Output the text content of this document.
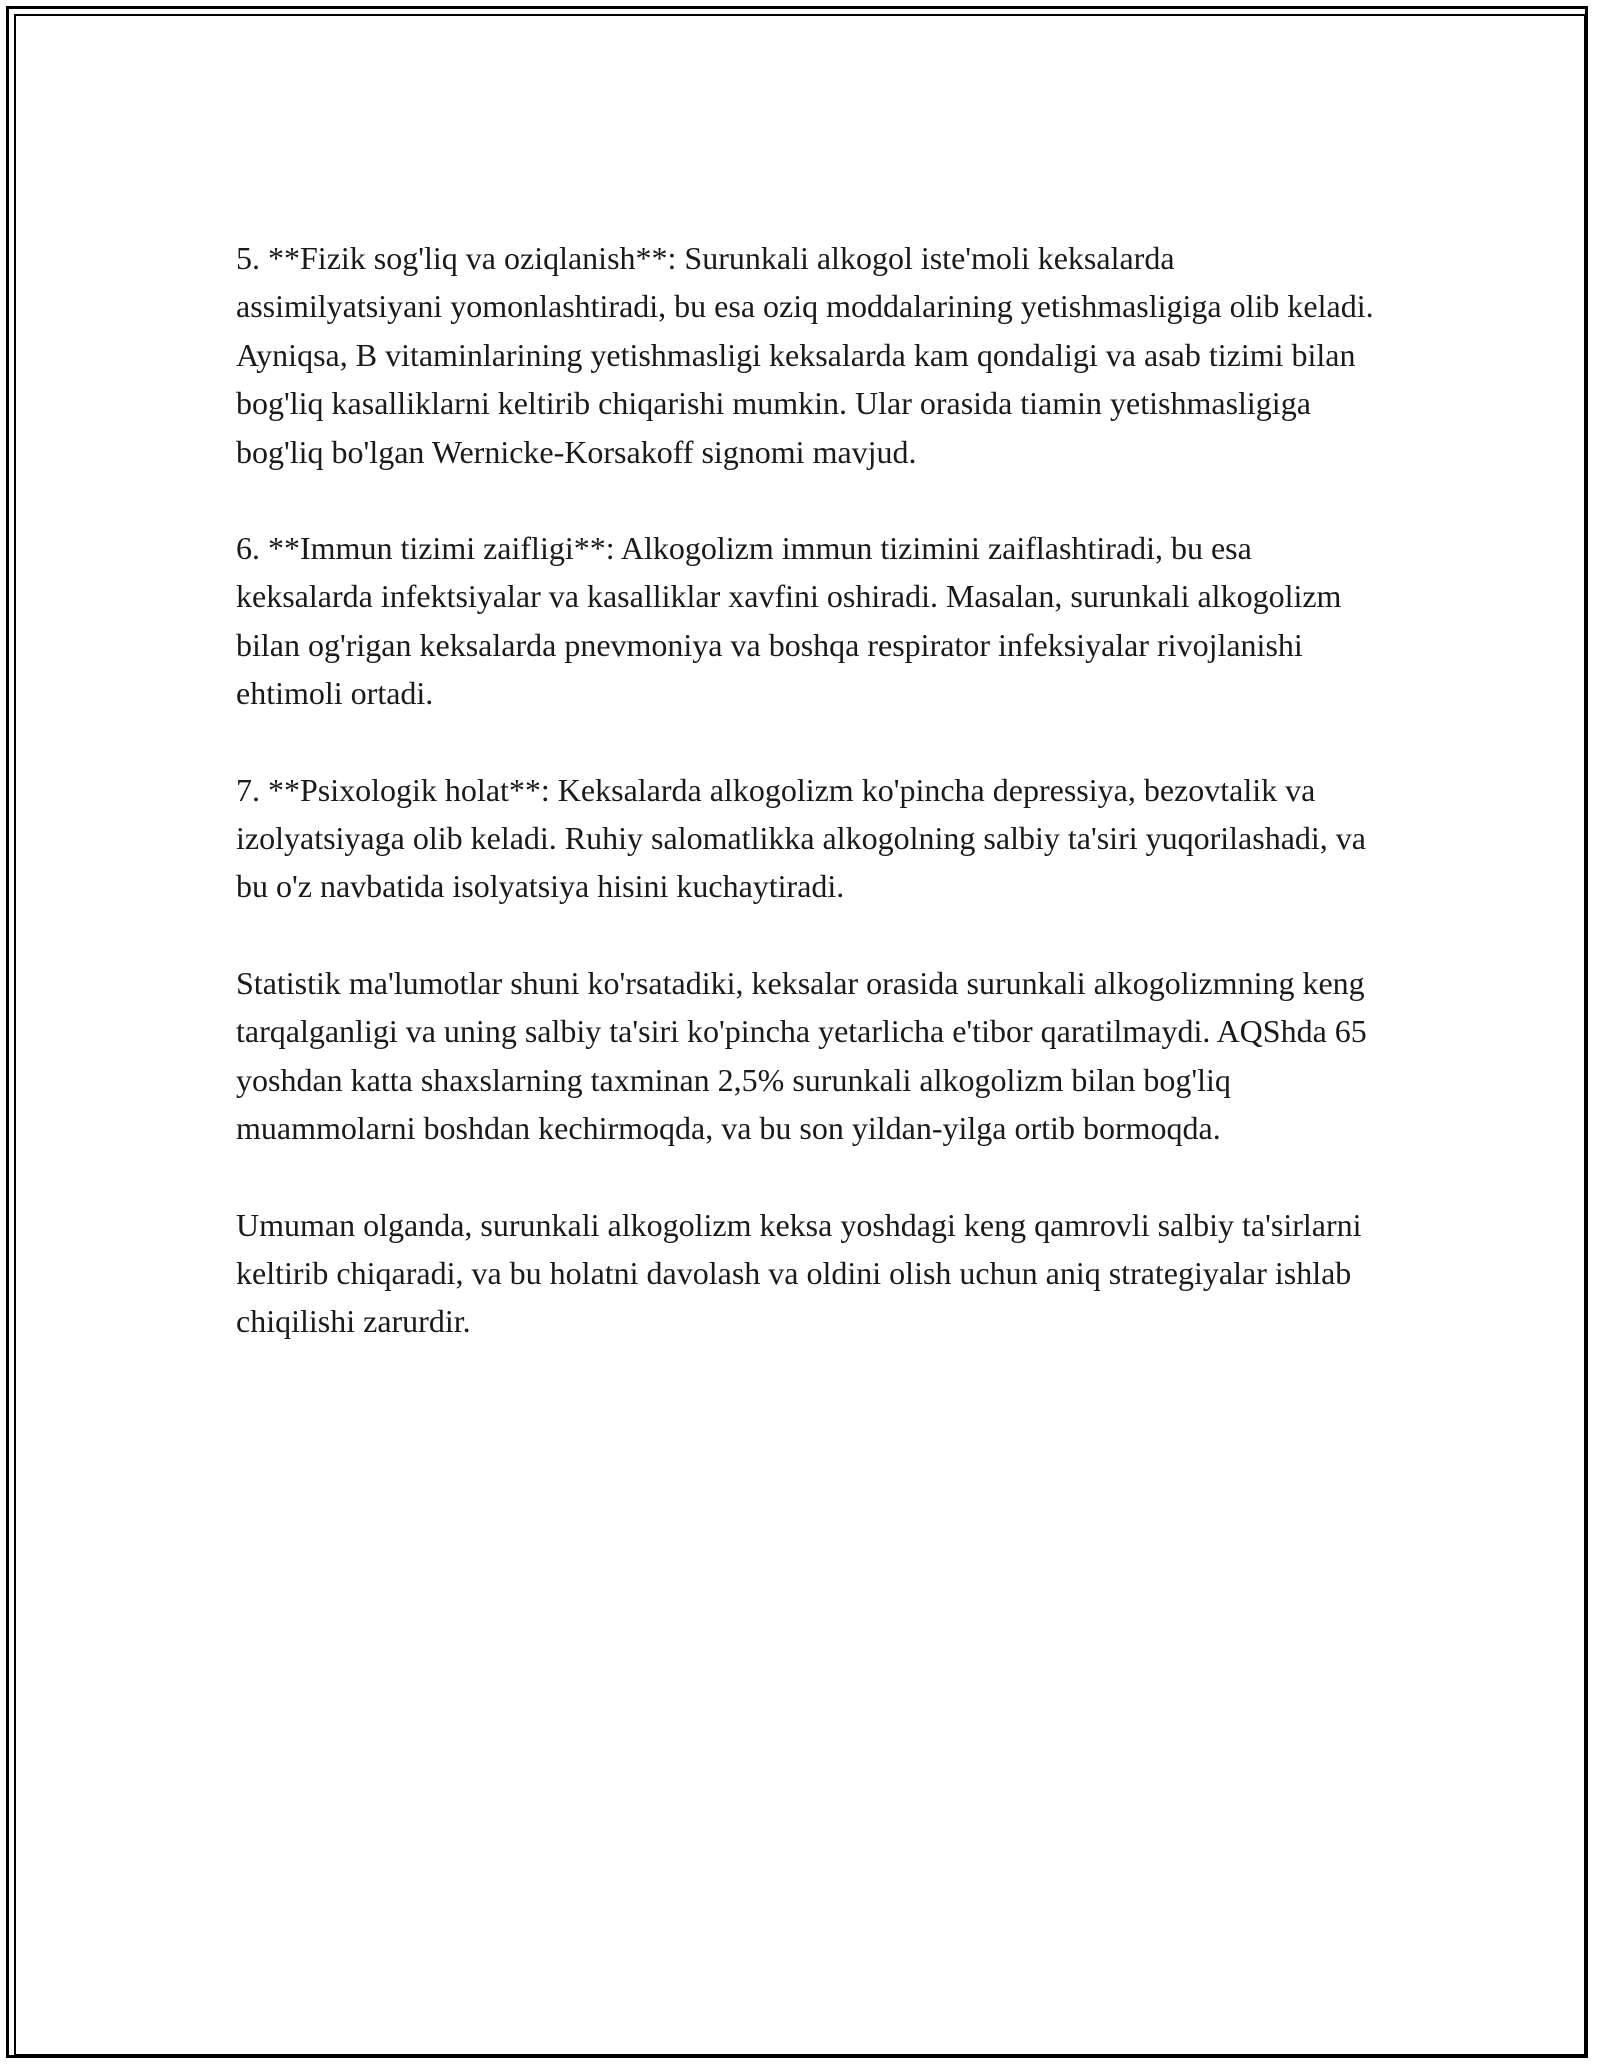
5. **Fizik sog'liq va oziqlanish**: Surunkali alkogol iste'moli keksalarda assimilyatsiyani yomonlashtiradi, bu esa oziq moddalarining yetishmasligiga olib keladi. Ayniqsa, B vitaminlarining yetishmasligi keksalarda kam qondaligi va asab tizimi bilan bog'liq kasalliklarni keltirib chiqarishi mumkin. Ular orasida tiamin yetishmasligiga bog'liq bo'lgan Wernicke-Korsakoff signomi mavjud.

6. **Immun tizimi zaifligi**: Alkogolizm immun tizimini zaiflashtiradi, bu esa keksalarda infektsiyalar va kasalliklar xavfini oshiradi. Masalan, surunkali alkogolizm bilan og'rigan keksalarda pnevmoniya va boshqa respirator infeksiyalar rivojlanishi ehtimoli ortadi.

7. **Psixologik holat**: Keksalarda alkogolizm ko'pincha depressiya, bezovtalik va izolyatsiyaga olib keladi. Ruhiy salomatlikka alkogolning salbiy ta'siri yuqorilashadi, va bu o'z navbatida isolyatsiya hisini kuchaytiradi.

Statistik ma'lumotlar shuni ko'rsatadiki, keksalar orasida surunkali alkogolizmning keng tarqalganligi va uning salbiy ta'siri ko'pincha yetarlicha e'tibor qaratilmaydi. AQShda 65 yoshdan katta shaxslarning taxminan 2,5% surunkali alkogolizm bilan bog'liq muammolarni boshdan kechirmoqda, va bu son yildan-yilga ortib bormoqda.

Umuman olganda, surunkali alkogolizm keksa yoshdagi keng qamrovli salbiy ta'sirlarni keltirib chiqaradi, va bu holatni davolash va oldini olish uchun aniq strategiyalar ishlab chiqilishi zarurdir.
